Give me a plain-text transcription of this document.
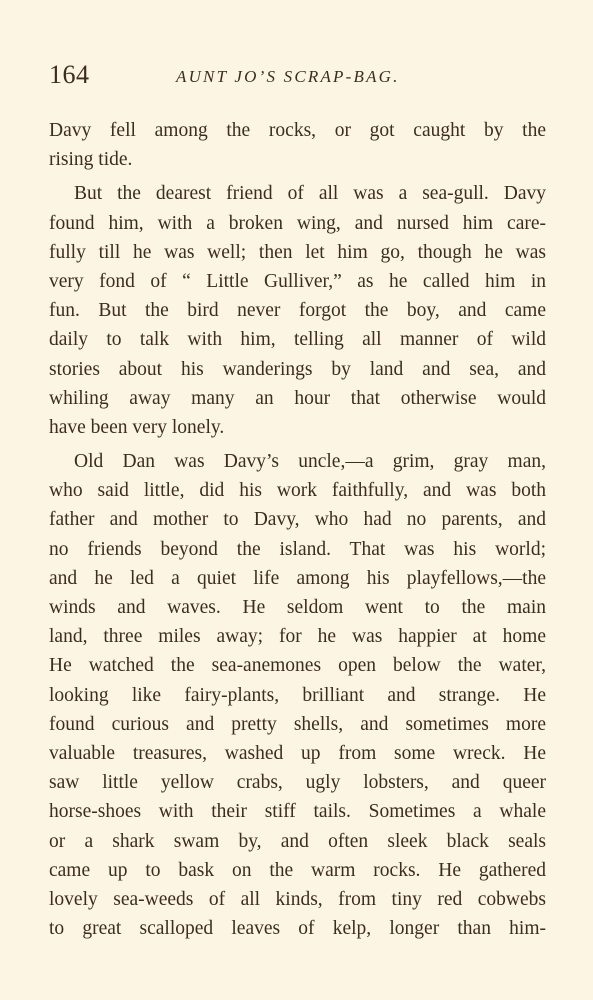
164	AUNT JO’S SCRAP-BAG.
Davy fell among the rocks, or got caught by the
rising tide.
But the dearest friend of all was a sea-gull. Davy
found him, with a broken wing, and nursed him care-
fully till he was well; then let him go, though he was
very fond of “ Little Gulliver,” as he called him in
fun. But the bird never forgot the boy, and came
daily to talk with him, telling all manner of wild
stories about his wanderings by land and sea, and
whiling away many an hour that otherwise would
have been very lonely.
Old Dan was Davy’s uncle,—a grim, gray man,
who said little, did his work faithfully, and was both
father and mother to Davy, who had no parents, and
no friends beyond the island. That was his world;
and he led a quiet life among his playfellows,—the
winds and waves. He seldom went to the main
land, three miles away; for he was happier at home
He watched the sea-anemones open below the water,
looking like fairy-plants, brilliant and strange. He
found curious and pretty shells, and sometimes more
valuable treasures, washed up from some wreck. He
saw little yellow crabs, ugly lobsters, and queer
horse-shoes with their stiff tails. Sometimes a whale
or a shark swam by, and often sleek black seals
came up to bask on the warm rocks. He gathered
lovely sea-weeds of all kinds, from tiny red cobwebs
to great scalloped leaves of kelp, longer than him-
